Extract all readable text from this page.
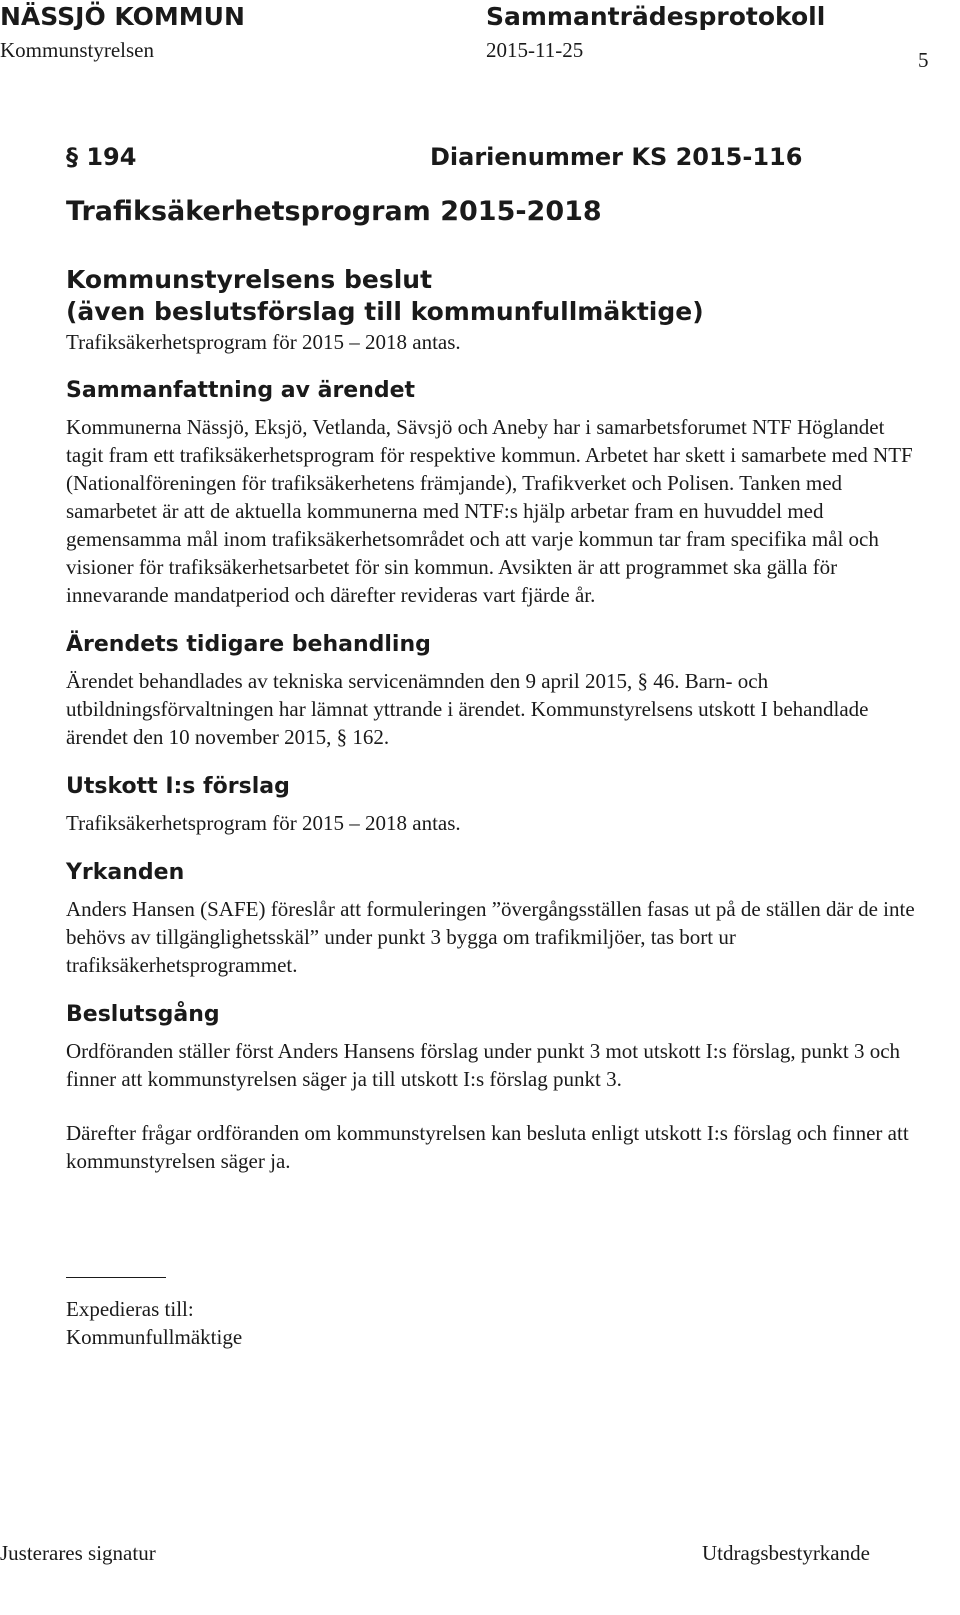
NÄSSJÖ KOMMUN	Sammanträdesprotokoll
Kommunstyrelsen	2015-11-25	5
§ 194	Diarienummer KS 2015-116
Trafiksäkerhetsprogram 2015-2018

Kommunstyrelsens beslut

(även beslutsförslag till kommunfullmäktige)

Trafiksäkerhetsprogram för 2015 – 2018 antas.

Sammanfattning av ärendet

Kommunerna Nässjö, Eksjö, Vetlanda, Sävsjö och Aneby har i samarbetsforumet NTF Höglandet tagit fram ett trafiksäkerhetsprogram för respektive kommun. Arbetet har skett i samarbete med NTF (Nationalföreningen för trafiksäkerhetens främjande), Trafikverket och Polisen. Tanken med samarbetet är att de aktuella kommunerna med NTF:s hjälp arbetar fram en huvuddel med gemensamma mål inom trafiksäkerhetsområdet och att varje kommun tar fram specifika mål och visioner för trafiksäkerhetsarbetet för sin kommun. Avsikten är att programmet ska gälla för innevarande mandatperiod och därefter revideras vart fjärde år.

Ärendets tidigare behandling

Ärendet behandlades av tekniska servicenämnden den 9 april 2015, § 46. Barn- och utbildningsförvaltningen har lämnat yttrande i ärendet. Kommunstyrelsens utskott I behandlade ärendet den 10 november 2015, § 162.

Utskott I:s förslag

Trafiksäkerhetsprogram för 2015 – 2018 antas.

Yrkanden

Anders Hansen (SAFE) föreslår att formuleringen ”övergångsställen fasas ut på de ställen där de inte behövs av tillgänglighetsskäl” under punkt 3 bygga om trafikmiljöer, tas bort ur trafiksäkerhetsprogrammet.

Beslutsgång

Ordföranden ställer först Anders Hansens förslag under punkt 3 mot utskott I:s förslag, punkt 3 och finner att kommunstyrelsen säger ja till utskott I:s förslag punkt 3.

Därefter frågar ordföranden om kommunstyrelsen kan besluta enligt utskott I:s förslag och finner att kommunstyrelsen säger ja.

Expedieras till:
Kommunfullmäktige
Justerares signatur	Utdragsbestyrkande
